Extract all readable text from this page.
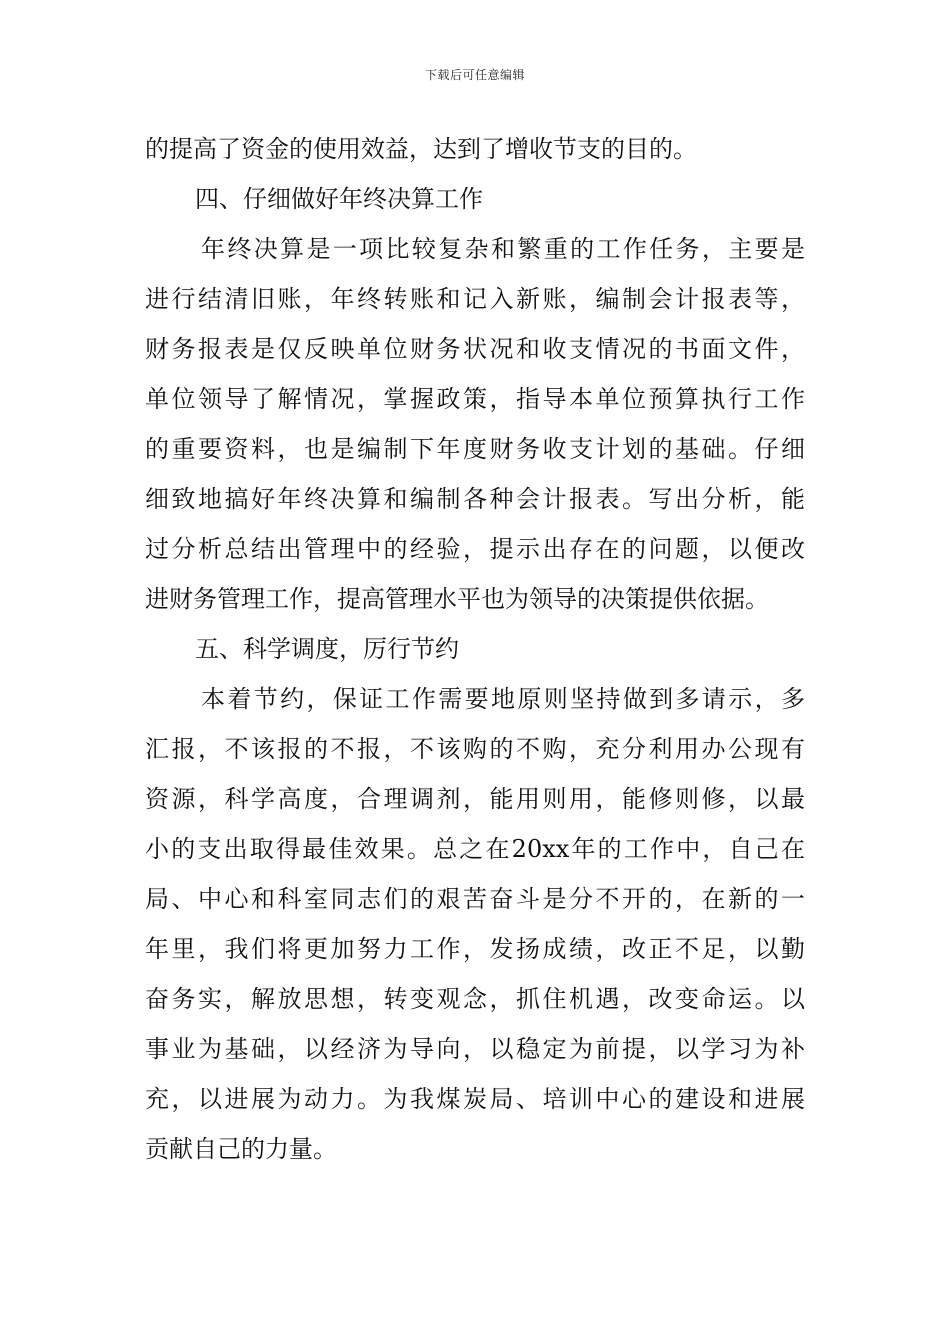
下载后可任意编辑
的提高了资金的使用效益，达到了增收节支的目的。
四、仔细做好年终决算工作
年终决算是一项比较复杂和繁重的工作任务，主要是
进行结清旧账，年终转账和记入新账，编制会计报表等，
财务报表是仅反映单位财务状况和收支情况的书面文件，
单位领导了解情况，掌握政策，指导本单位预算执行工作
的重要资料，也是编制下年度财务收支计划的基础。仔细
细致地搞好年终决算和编制各种会计报表。写出分析，能
过分析总结出管理中的经验，提示出存在的问题，以便改
进财务管理工作，提高管理水平也为领导的决策提供依据。
五、科学调度，厉行节约
本着节约，保证工作需要地原则坚持做到多请示，多
汇报，不该报的不报，不该购的不购，充分利用办公现有
资源，科学高度，合理调剂，能用则用，能修则修，以最
小的支出取得最佳效果。总之在20xx年的工作中，自己在
局、中心和科室同志们的艰苦奋斗是分不开的，在新的一
年里，我们将更加努力工作，发扬成绩，改正不足，以勤
奋务实，解放思想，转变观念，抓住机遇，改变命运。以
事业为基础，以经济为导向，以稳定为前提，以学习为补
充，以进展为动力。为我煤炭局、培训中心的建设和进展
贡献自己的力量。
